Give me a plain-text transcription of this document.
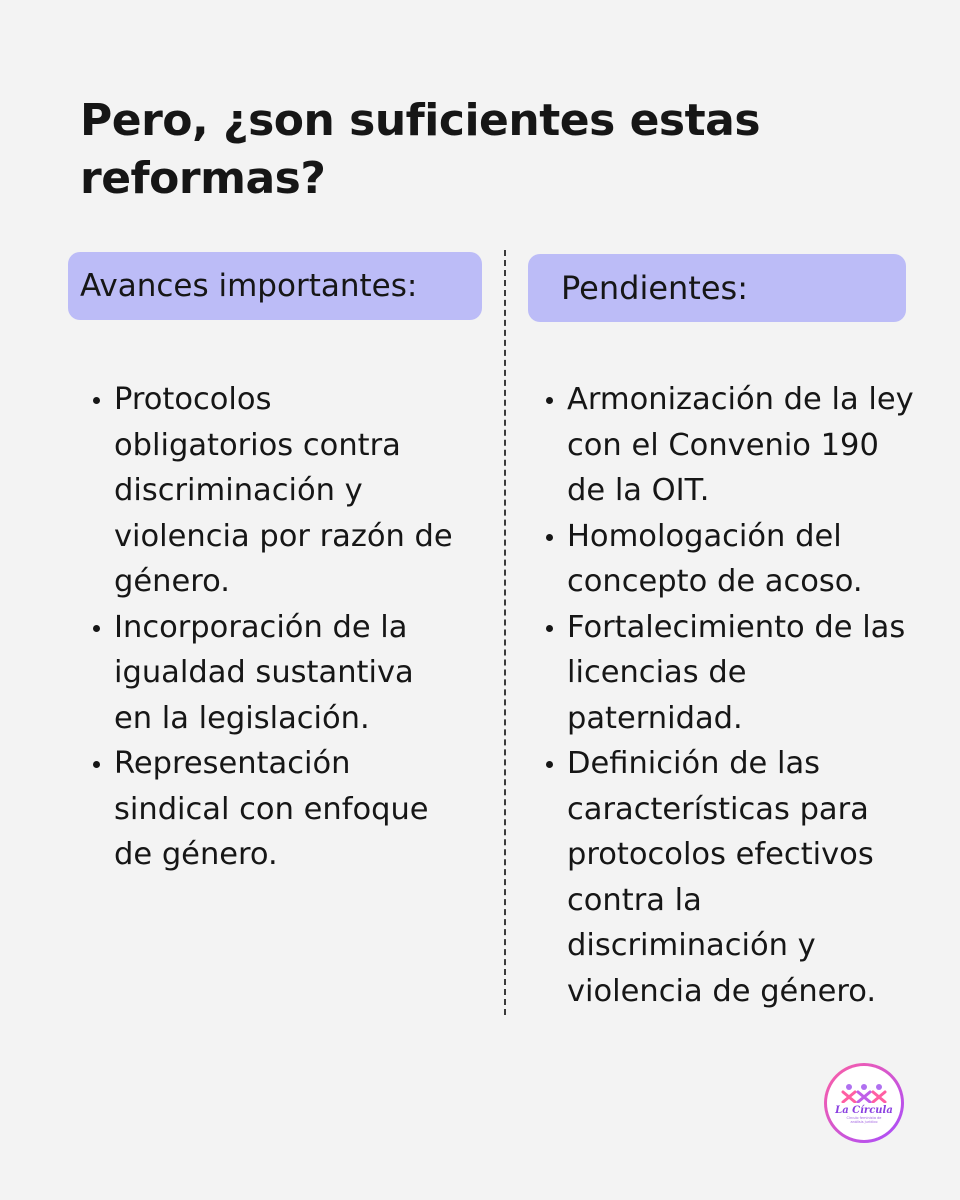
Pero, ¿son suficientes estas reformas?
Avances importantes:	Pendientes:
Protocolos obligatorios contra discriminación y violencia por razón de género.
Incorporación de la igualdad sustantiva en la legislación.
Representación sindical con enfoque de género.
Armonización de la ley con el Convenio 190 de la OIT.
Homologación del concepto de acoso.
Fortalecimiento de las licencias de paternidad.
Definición de las características para protocolos efectivos contra la discriminación y violencia de género.
La Círcula
Círculo feminista de análisis jurídico
